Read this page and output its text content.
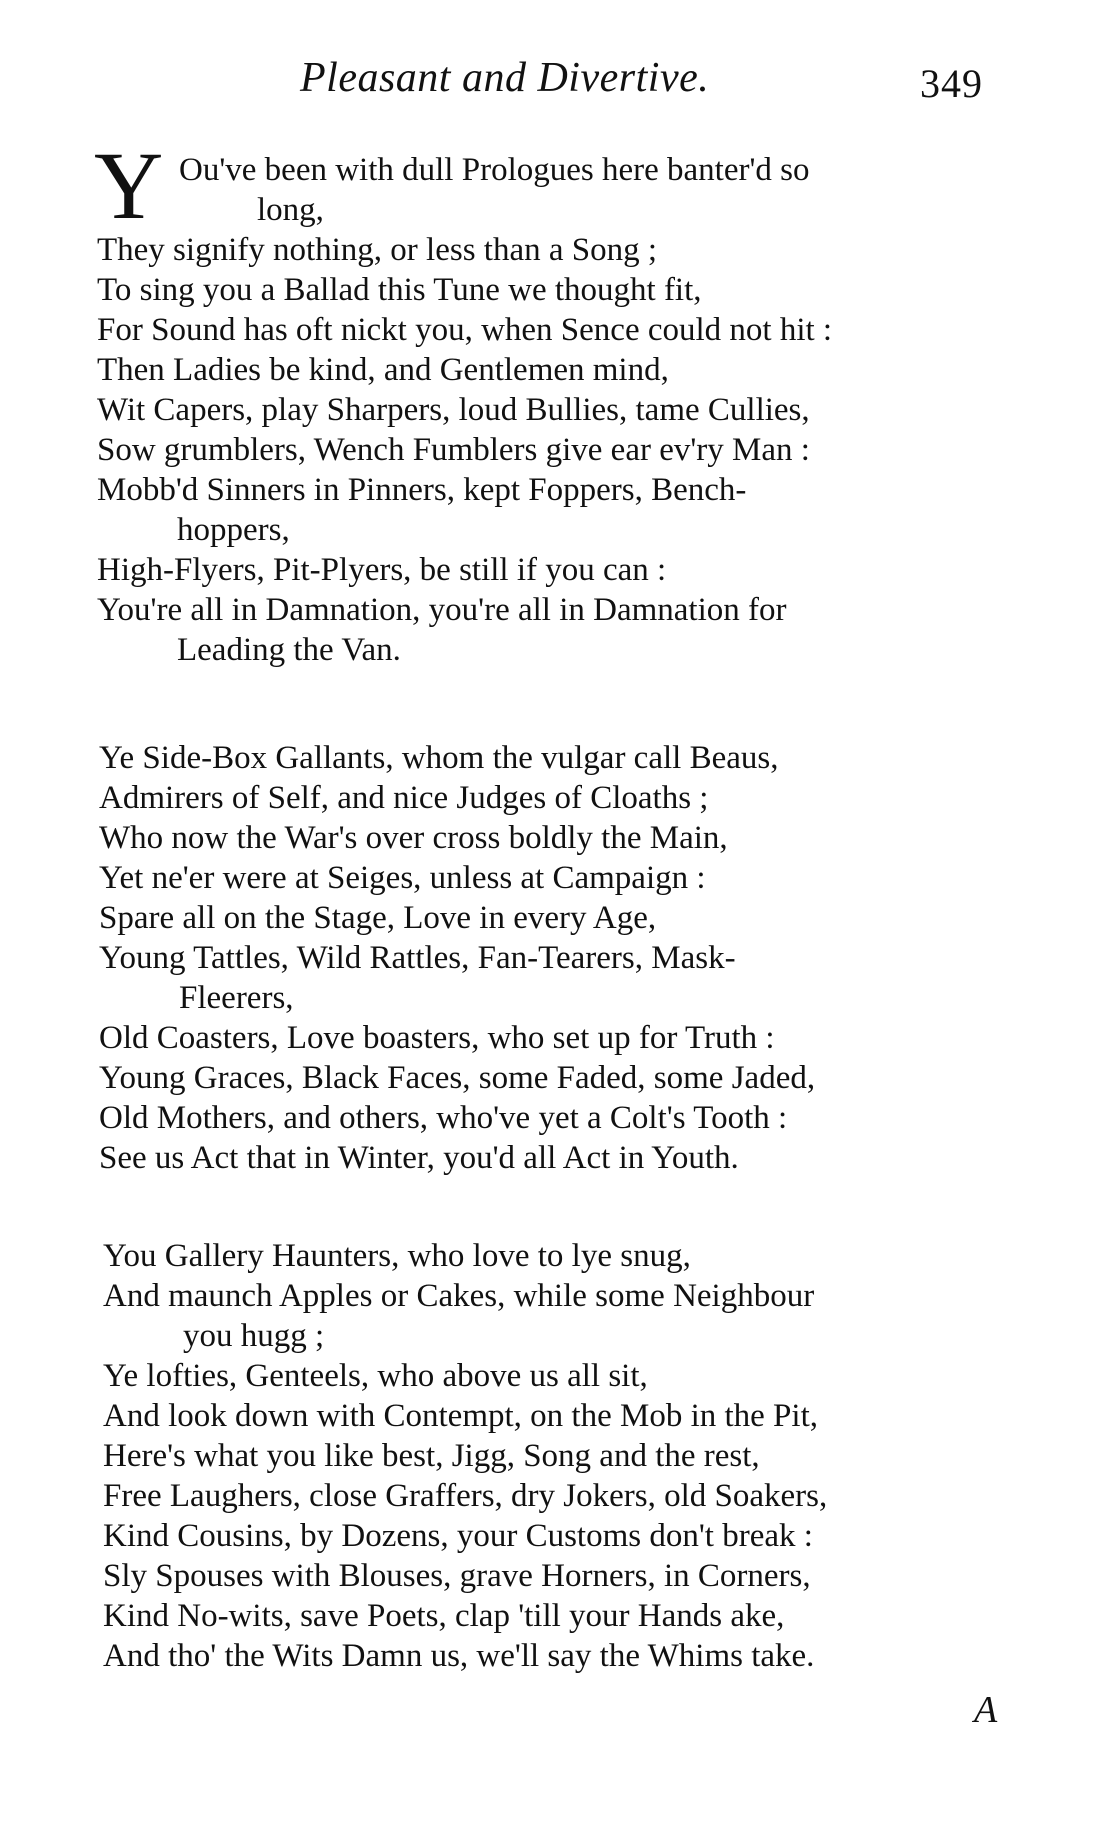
Pleasant and Divertive.	349
Y Ou've been with dull Prologues here banter'd so
long,
They signify nothing, or less than a Song ;
To sing you a Ballad this Tune we thought fit,
For Sound has oft nickt you, when Sence could not hit :
Then Ladies be kind, and Gentlemen mind,
Wit Capers, play Sharpers, loud Bullies, tame Cullies,
Sow grumblers, Wench Fumblers give ear ev'ry Man :
Mobb'd Sinners in Pinners, kept Foppers, Bench-
hoppers,
High-Flyers, Pit-Plyers, be still if you can :
You're all in Damnation, you're all in Damnation for
Leading the Van.
Ye Side-Box Gallants, whom the vulgar call Beaus,
Admirers of Self, and nice Judges of Cloaths ;
Who now the War's over cross boldly the Main,
Yet ne'er were at Seiges, unless at Campaign :
Spare all on the Stage, Love in every Age,
Young Tattles, Wild Rattles, Fan-Tearers, Mask-
Fleerers,
Old Coasters, Love boasters, who set up for Truth :
Young Graces, Black Faces, some Faded, some Jaded,
Old Mothers, and others, who've yet a Colt's Tooth :
See us Act that in Winter, you'd all Act in Youth.
You Gallery Haunters, who love to lye snug,
And maunch Apples or Cakes, while some Neighbour
you hugg ;
Ye lofties, Genteels, who above us all sit,
And look down with Contempt, on the Mob in the Pit,
Here's what you like best, Jigg, Song and the rest,
Free Laughers, close Graffers, dry Jokers, old Soakers,
Kind Cousins, by Dozens, your Customs don't break :
Sly Spouses with Blouses, grave Horners, in Corners,
Kind No-wits, save Poets, clap 'till your Hands ake,
And tho' the Wits Damn us, we'll say the Whims take.
A
